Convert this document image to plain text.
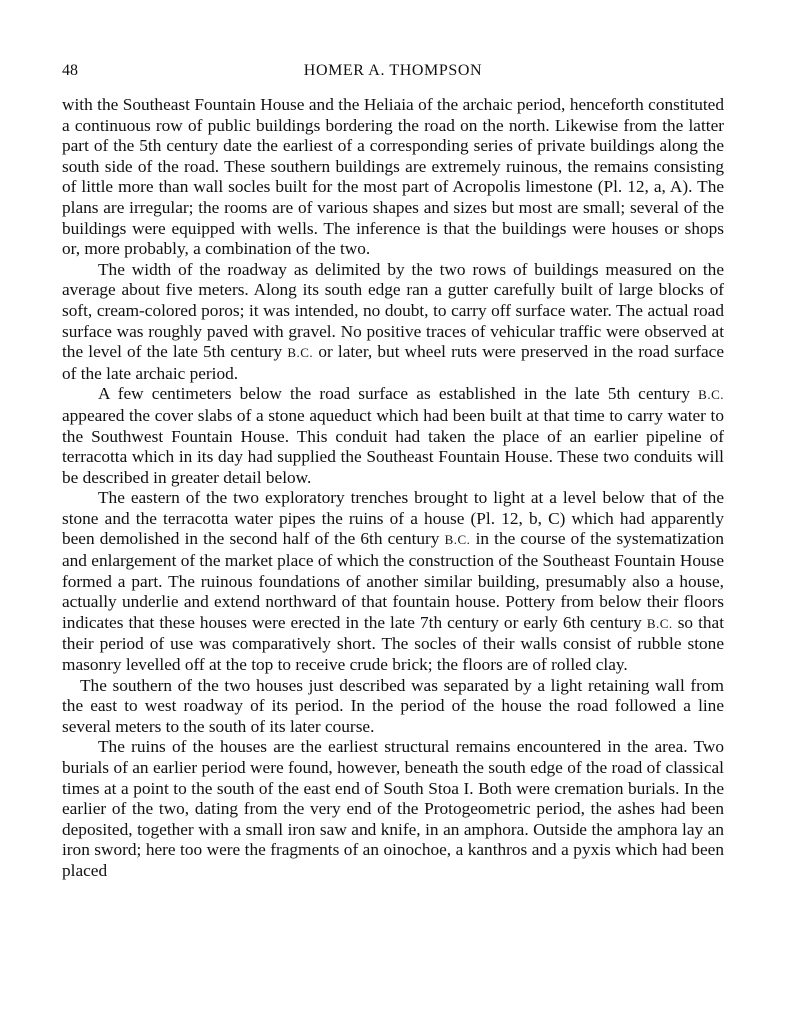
48	HOMER A. THOMPSON

with the Southeast Fountain House and the Heliaia of the archaic period, henceforth constituted a continuous row of public buildings bordering the road on the north. Likewise from the latter part of the 5th century date the earliest of a corresponding series of private buildings along the south side of the road. These southern buildings are extremely ruinous, the remains consisting of little more than wall socles built for the most part of Acropolis limestone (Pl. 12, a, A). The plans are irregular; the rooms are of various shapes and sizes but most are small; several of the buildings were equipped with wells. The inference is that the buildings were houses or shops or, more probably, a combination of the two.

The width of the roadway as delimited by the two rows of buildings measured on the average about five meters. Along its south edge ran a gutter carefully built of large blocks of soft, cream-colored poros; it was intended, no doubt, to carry off surface water. The actual road surface was roughly paved with gravel. No positive traces of vehicular traffic were observed at the level of the late 5th century B.C. or later, but wheel ruts were preserved in the road surface of the late archaic period.

A few centimeters below the road surface as established in the late 5th century B.C. appeared the cover slabs of a stone aqueduct which had been built at that time to carry water to the Southwest Fountain House. This conduit had taken the place of an earlier pipeline of terracotta which in its day had supplied the Southeast Fountain House. These two conduits will be described in greater detail below.

The eastern of the two exploratory trenches brought to light at a level below that of the stone and the terracotta water pipes the ruins of a house (Pl. 12, b, C) which had apparently been demolished in the second half of the 6th century B.C. in the course of the systematization and enlargement of the market place of which the construction of the Southeast Fountain House formed a part. The ruinous foundations of another similar building, presumably also a house, actually underlie and extend northward of that fountain house. Pottery from below their floors indicates that these houses were erected in the late 7th century or early 6th century B.C. so that their period of use was comparatively short. The socles of their walls consist of rubble stone masonry levelled off at the top to receive crude brick; the floors are of rolled clay.

The southern of the two houses just described was separated by a light retaining wall from the east to west roadway of its period. In the period of the house the road followed a line several meters to the south of its later course.

The ruins of the houses are the earliest structural remains encountered in the area. Two burials of an earlier period were found, however, beneath the south edge of the road of classical times at a point to the south of the east end of South Stoa I. Both were cremation burials. In the earlier of the two, dating from the very end of the Protogeometric period, the ashes had been deposited, together with a small iron saw and knife, in an amphora. Outside the amphora lay an iron sword; here too were the fragments of an oinochoe, a kanthros and a pyxis which had been placed
